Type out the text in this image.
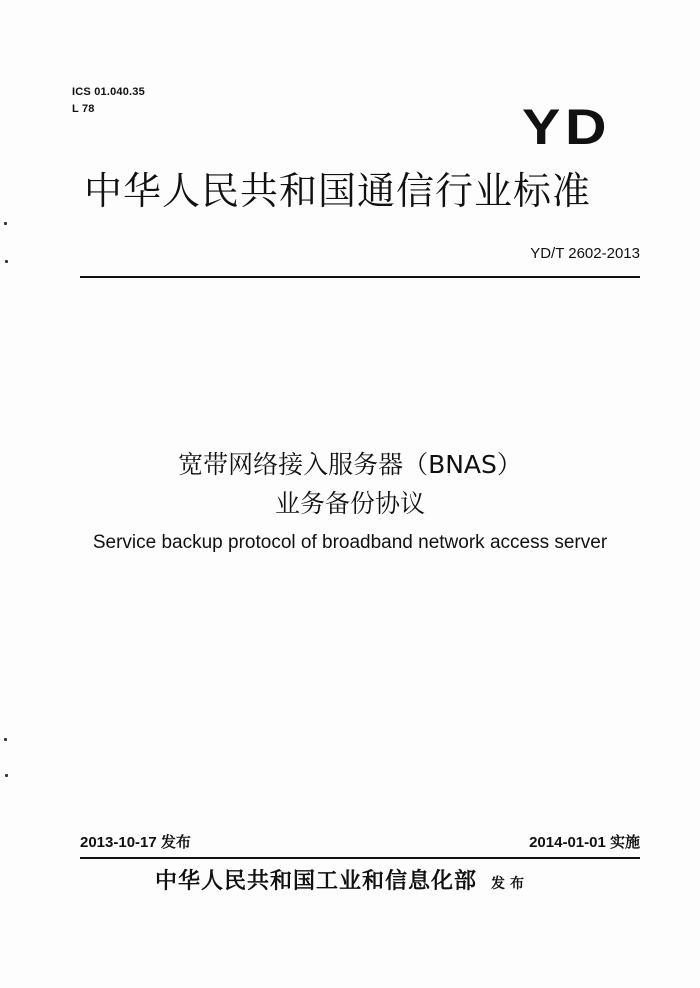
ICS 01.040.35
L 78	YD
中华人民共和国通信行业标准
YD/T 2602-2013
宽带网络接入服务器（BNAS）
业务备份协议
Service backup protocol of broadband network access server
2013-10-17 发布	2014-01-01 实施
中华人民共和国工业和信息化部 发布
